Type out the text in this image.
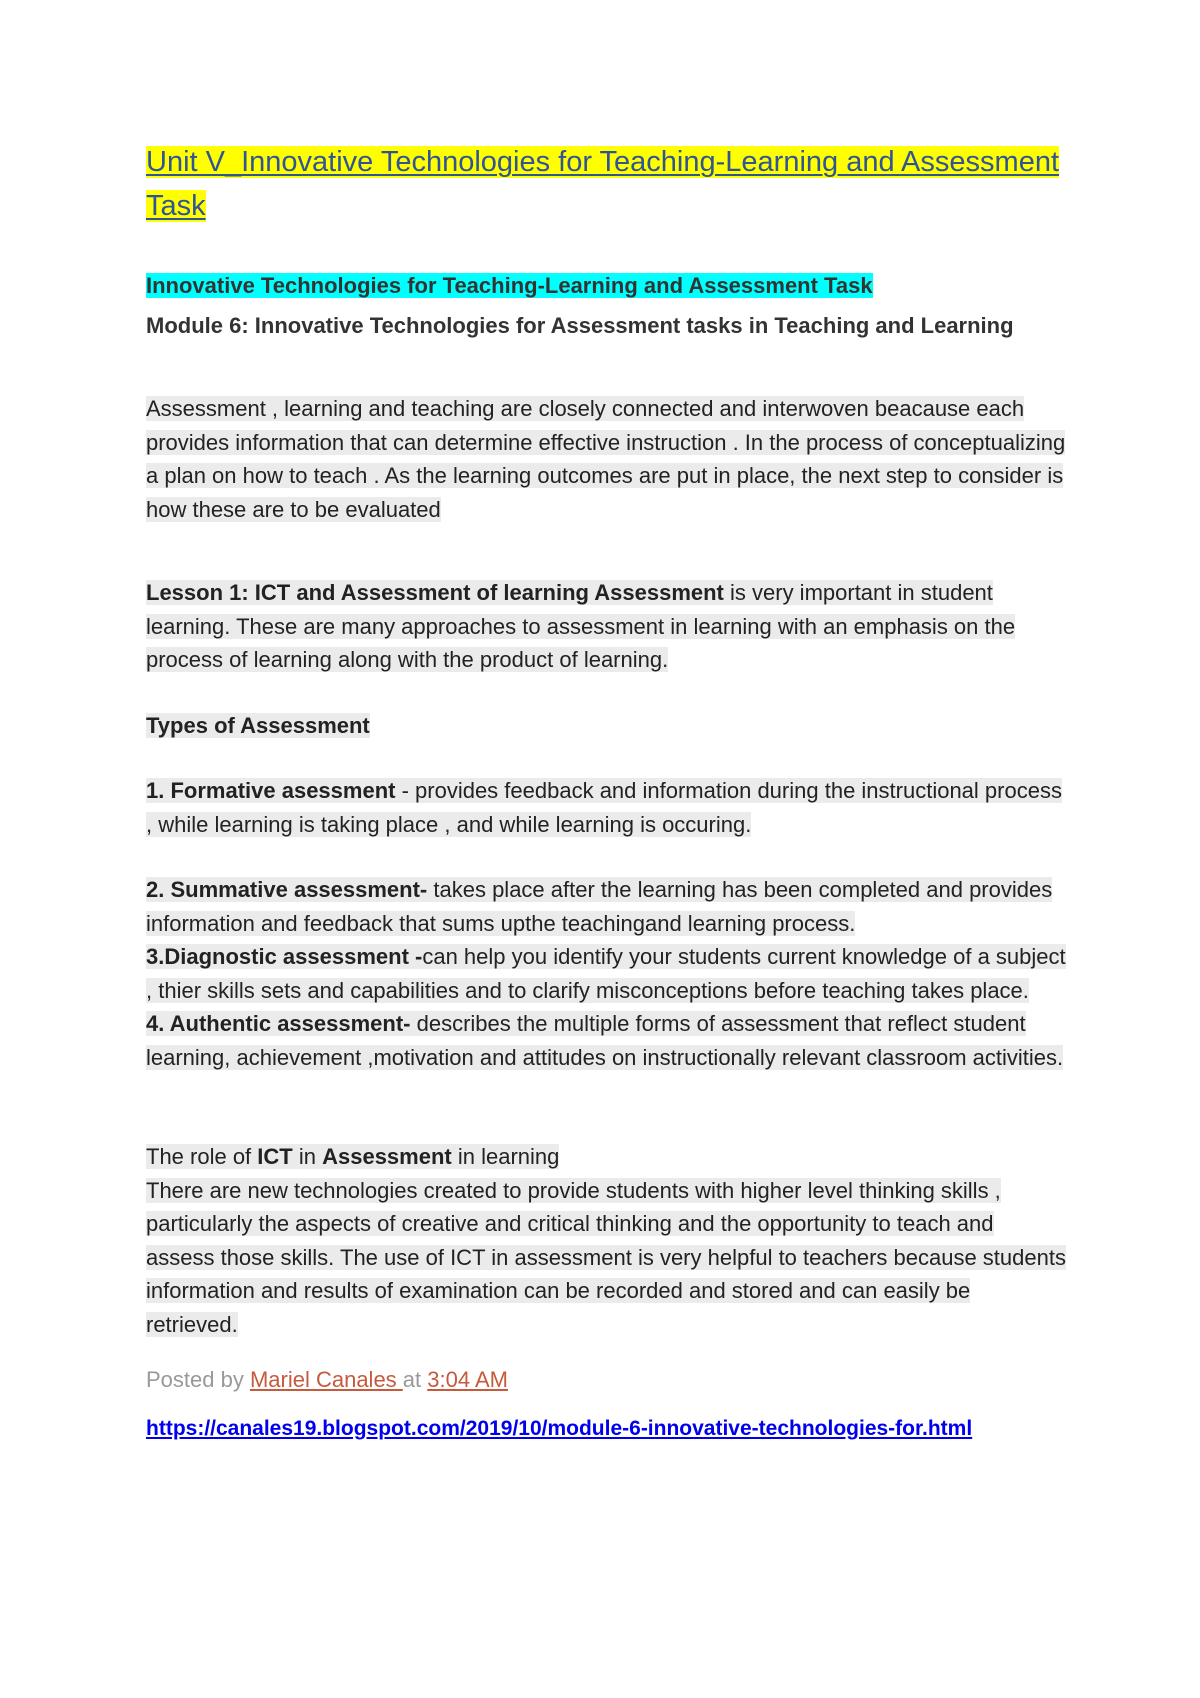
Unit V_Innovative Technologies for Teaching-Learning and Assessment Task

Innovative Technologies for Teaching-Learning and Assessment Task

Module 6: Innovative Technologies for Assessment tasks in Teaching and Learning

Assessment , learning and teaching are closely connected and interwoven beacause each provides information that can determine effective instruction . In the process of conceptualizing a plan on how to teach . As the learning outcomes are put in place, the next step to consider is how these are to be evaluated

Lesson 1: ICT and Assessment of learning Assessment is very important in student learning. These are many approaches to assessment in learning with an emphasis on the process of learning along with the product of learning.

Types of Assessment

1. Formative asessment - provides feedback and information during the instructional process , while learning is taking place , and while learning is occuring.

2. Summative assessment- takes place after the learning has been completed and provides information and feedback that sums upthe teachingand learning process.

3.Diagnostic assessment -can help you identify your students current knowledge of a subject , thier skills sets and capabilities and to clarify misconceptions before teaching takes place.

4. Authentic assessment- describes the multiple forms of assessment that reflect student learning, achievement ,motivation and attitudes on instructionally relevant classroom activities.

The role of ICT in Assessment in learning

There are new technologies created to provide students with higher level thinking skills , particularly the aspects of creative and critical thinking and the opportunity to teach and assess those skills. The use of ICT in assessment is very helpful to teachers because students information and results of examination can be recorded and stored and can easily be retrieved.

Posted by Mariel Canales at 3:04 AM

https://canales19.blogspot.com/2019/10/module-6-innovative-technologies-for.html
